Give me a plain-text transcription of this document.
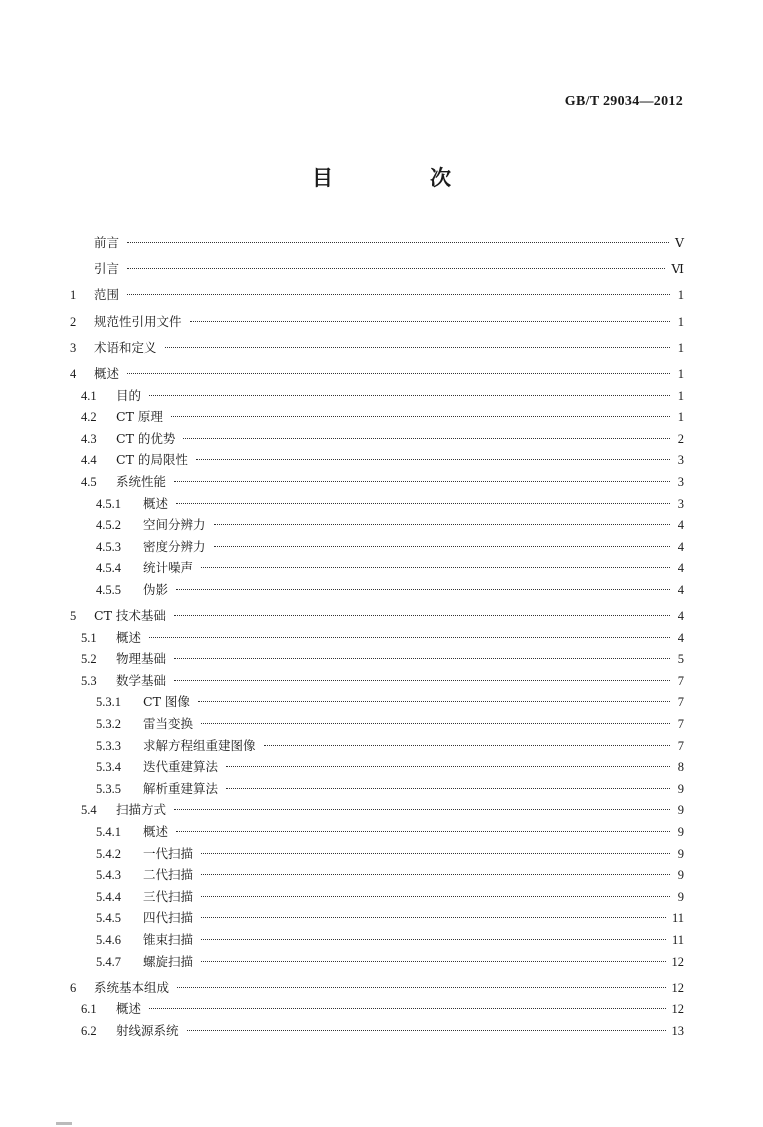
GB/T 29034—2012
目　次
前言	Ⅴ
引言	Ⅵ
1	范围	1
2	规范性引用文件	1
3	术语和定义	1
4	概述	1
4.1	目的	1
4.2	CT 原理	1
4.3	CT 的优势	2
4.4	CT 的局限性	3
4.5	系统性能	3
4.5.1	概述	3
4.5.2	空间分辨力	4
4.5.3	密度分辨力	4
4.5.4	统计噪声	4
4.5.5	伪影	4
5	CT 技术基础	4
5.1	概述	4
5.2	物理基础	5
5.3	数学基础	7
5.3.1	CT 图像	7
5.3.2	雷当变换	7
5.3.3	求解方程组重建图像	7
5.3.4	迭代重建算法	8
5.3.5	解析重建算法	9
5.4	扫描方式	9
5.4.1	概述	9
5.4.2	一代扫描	9
5.4.3	二代扫描	9
5.4.4	三代扫描	9
5.4.5	四代扫描	11
5.4.6	锥束扫描	11
5.4.7	螺旋扫描	12
6	系统基本组成	12
6.1	概述	12
6.2	射线源系统	13
